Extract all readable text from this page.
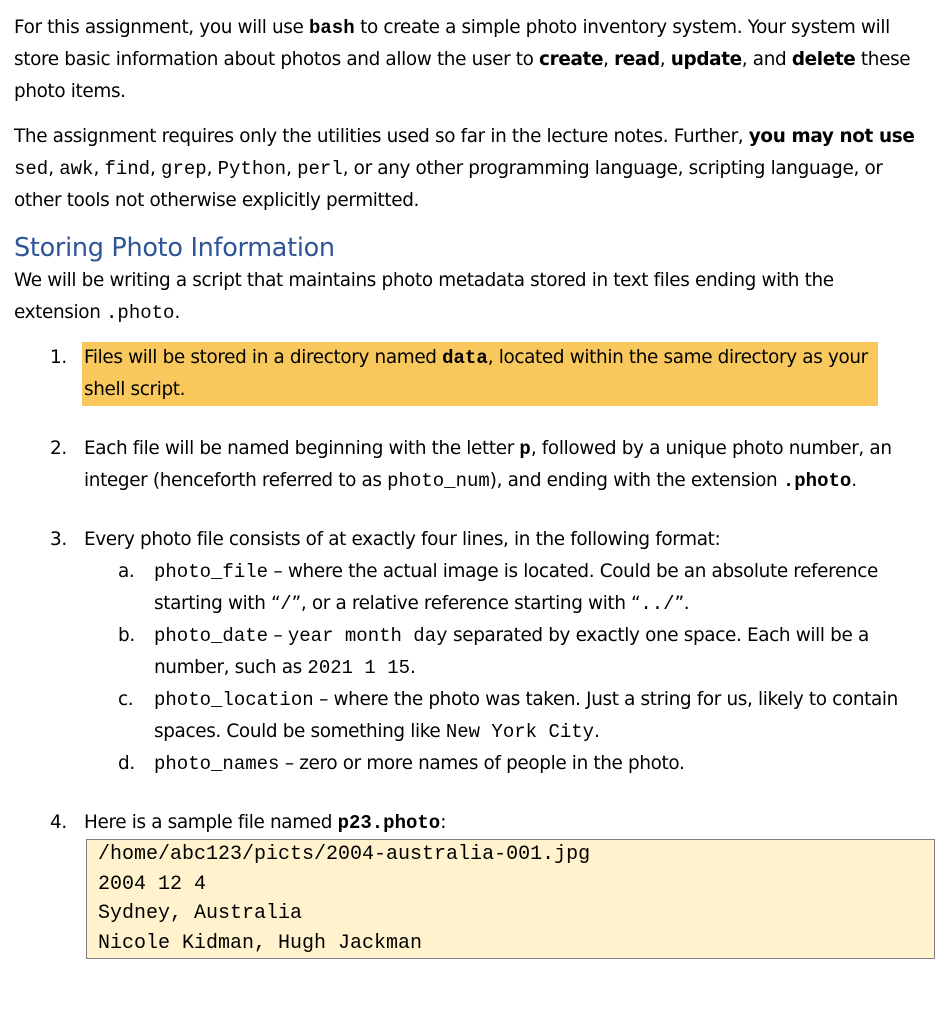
For this assignment, you will use bash to create a simple photo inventory system. Your system will store basic information about photos and allow the user to create, read, update, and delete these photo items.

The assignment requires only the utilities used so far in the lecture notes. Further, you may not use sed, awk, find, grep, Python, perl, or any other programming language, scripting language, or other tools not otherwise explicitly permitted.

Storing Photo Information

We will be writing a script that maintains photo metadata stored in text files ending with the extension .photo.

1. Files will be stored in a directory named data, located within the same directory as your shell script.
2. Each file will be named beginning with the letter p, followed by a unique photo number, an integer (henceforth referred to as photo_num), and ending with the extension .photo.
3. Every photo file consists of at exactly four lines, in the following format:
a. photo_file – where the actual image is located. Could be an absolute reference starting with “/”, or a relative reference starting with “../”.
b. photo_date – year month day separated by exactly one space. Each will be a number, such as 2021 1 15.
c. photo_location – where the photo was taken. Just a string for us, likely to contain spaces. Could be something like New York City.
d. photo_names – zero or more names of people in the photo.
4. Here is a sample file named p23.photo:
/home/abc123/picts/2004-australia-001.jpg
2004 12 4
Sydney, Australia
Nicole Kidman, Hugh Jackman
